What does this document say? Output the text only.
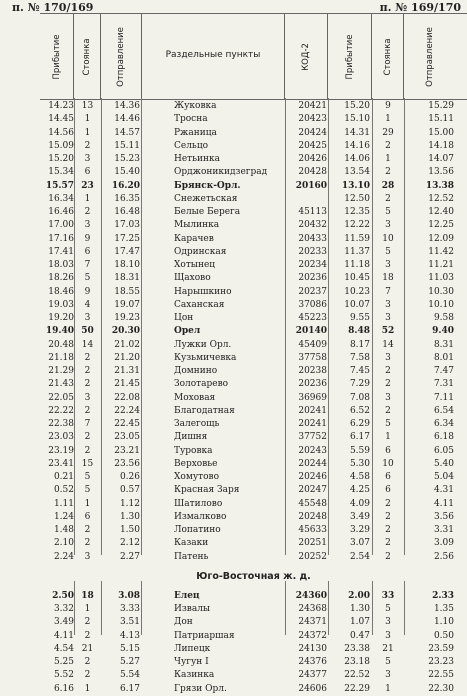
п. № 170/169	п. № 169/170
Прибытие Стоянка	Отправление	Раздельные пункты	КОД-2	Прибытие	Стоянка	Отправление
14.23 13	14.36	Жуковка	20421	15.20	9	15.29
14.45	1	14.46	Тросна	20423	15.10	1	15.11
14.56	1	14.57	Ржаница	20424	14.31	29	15.00
15.09	2	15.11	Сельцо	20425	14.16	2	14.18
15.20	3	15.23	Нетьинка	20426	14.06	1	14.07
15.34	6	15.40	Орджоникидзеград	20428	13.54	2	13.56
15.57 23	16.20	Брянск-Орл.	20160	13.10	28	13.38
16.34	1	16.35	Снежетьская	12.50	2	12.52
16.46	2	16.48	Белые Берега	45113	12.35	5	12.40
17.00	3	17.03	Мылинка	20432	12.22	3	12.25
17.16	9	17.25	Карачев	20433	11.59	10	12.09
17.41	6	17.47	Одринская	20233	11.37	5	11.42
18.03	7	18.10	Хотынец	20234	11.18	3	11.21
18.26	5	18.31	Щахово	20236	10.45	18	11.03
18.46	9	18.55	Нарышкино	20237	10.23	7	10.30
19.03	4	19.07	Саханская	37086	10.07	3	10.10
19.20	3	19.23	Цон	45223	9.55	3	9.58
19.40 50	20.30	Орел	20140	8.48	52	9.40
20.48 14	21.02	Лужки Орл.	45409	8.17	14	8.31
21.18	2	21.20	Кузьмичевка	37758	7.58	3	8.01
21.29	2	21.31	Домнино	20238	7.45	2	7.47
21.43	2	21.45	Золотарево	20236	7.29	2	7.31
22.05	3	22.08	Моховая	36969	7.08	3	7.11
22.22	2	22.24	Благодатная	20241	6.52	2	6.54
22.38	7	22.45	Залегощь	20241	6.29	5	6.34
23.03	2	23.05	Дишня	37752	6.17	1	6.18
23.19	2	23.21	Туровка	20243	5.59	6	6.05
23.41 15	23.56	Верховье	20244	5.30	10	5.40
0.21	5	0.26	Хомутово	20246	4.58	6	5.04
0.52	5	0.57	Красная Заря	20247	4.25	6	4.31
1.11	1	1.12	Шатилово	45548	4.09	2	4.11
1.24	6	1.30	Измалково	20248	3.49	2	3.56
1.48	2	1.50	Лопатино	45633	3.29	2	3.31
2.10	2	2.12	Казаки	20251	3.07	2	3.09
2.24	3	2.27	Патень	20252	2.54	2	2.56
Юго-Восточная ж. д.
2.50 18	3.08	Елец	24360	2.00	33	2.33
3.32	1	3.33	Извалы	24368	1.30	5	1.35
3.49	2	3.51	Дон	24371	1.07	3	1.10
4.11	2	4.13	Патриаршая	24372	0.47	3	0.50
4.54 21	5.15	Липецк	24130	23.38	21	23.59
5.25	2	5.27	Чугун I	24376	23.18	5	23.23
5.52	2	5.54	Казинка	24377	22.52	3	22.55
6.16	1	6.17	Грязи Орл.	24606	22.29	1	22.30
